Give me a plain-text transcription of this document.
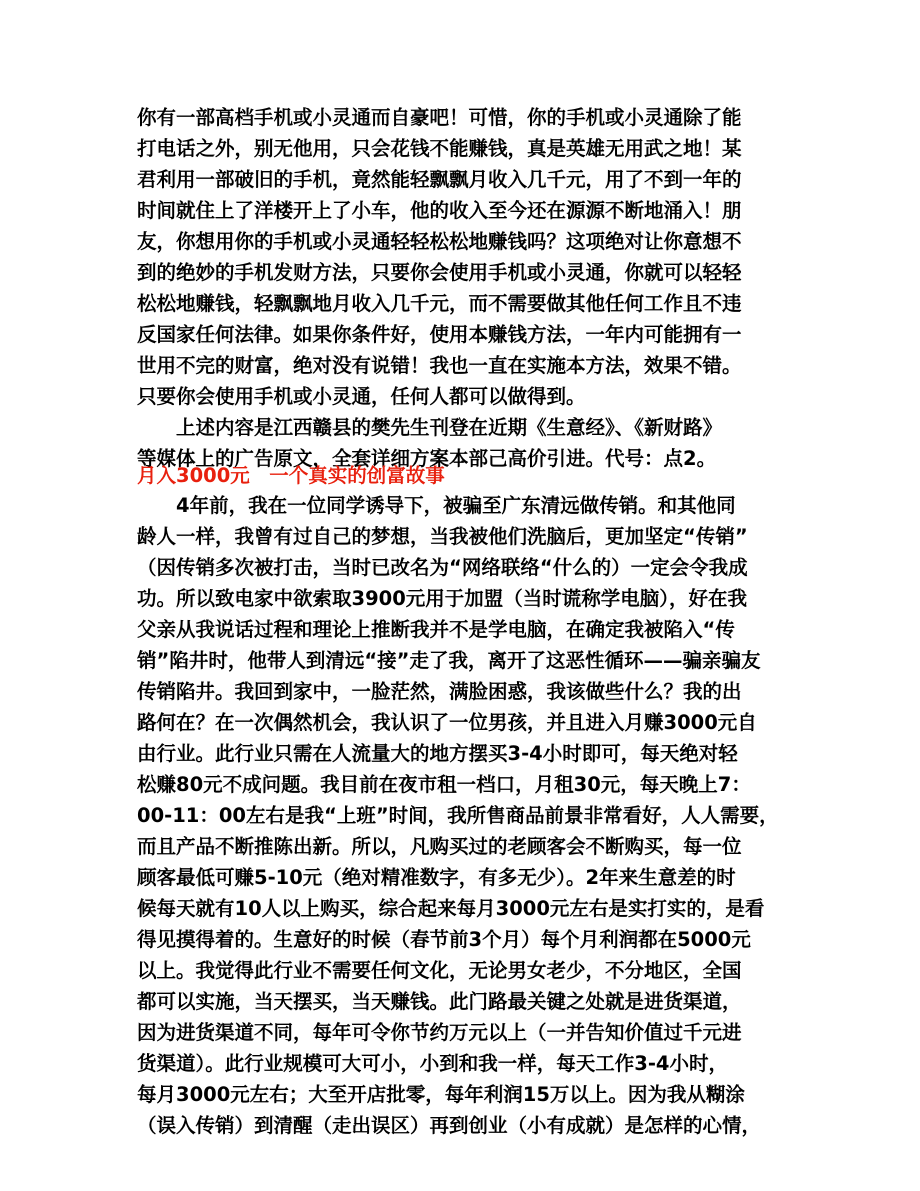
你有一部高档手机或小灵通而自豪吧！可惜，你的手机或小灵通除了能
打电话之外，别无他用，只会花钱不能赚钱，真是英雄无用武之地！某
君利用一部破旧的手机，竟然能轻飘飘月收入几千元，用了不到一年的
时间就住上了洋楼开上了小车，他的收入至今还在源源不断地涌入！朋
友，你想用你的手机或小灵通轻轻松松地赚钱吗？这项绝对让你意想不
到的绝妙的手机发财方法，只要你会使用手机或小灵通，你就可以轻轻
松松地赚钱，轻飘飘地月收入几千元，而不需要做其他任何工作且不违
反国家任何法律。如果你条件好，使用本赚钱方法，一年内可能拥有一
世用不完的财富，绝对没有说错！我也一直在实施本方法，效果不错。
只要你会使用手机或小灵通，任何人都可以做得到。
上述内容是江西赣县的樊先生刊登在近期《生意经》、《新财路》
等媒体上的广告原文，全套详细方案本部己高价引进。代号：点2。
月入3000元　一个真实的创富故事
4年前，我在一位同学诱导下，被骗至广东清远做传销。和其他同
龄人一样，我曾有过自己的梦想，当我被他们洗脑后，更加坚定“传销”
（因传销多次被打击，当时已改名为“网络联络“什么的）一定会令我成
功。所以致电家中欲索取3900元用于加盟（当时谎称学电脑），好在我
父亲从我说话过程和理论上推断我并不是学电脑，在确定我被陷入“传
销”陷井时，他带人到清远“接”走了我，离开了这恶性循环——骗亲骗友
传销陷井。我回到家中，一脸茫然，满脸困惑，我该做些什么？我的出
路何在？在一次偶然机会，我认识了一位男孩，并且进入月赚3000元自
由行业。此行业只需在人流量大的地方摆买3-4小时即可，每天绝对轻
松赚80元不成问题。我目前在夜市租一档口，月租30元，每天晚上7：
00-11：00左右是我“上班”时间，我所售商品前景非常看好，人人需要，
而且产品不断推陈出新。所以，凡购买过的老顾客会不断购买，每一位
顾客最低可赚5-10元（绝对精准数字，有多无少）。2年来生意差的时
候每天就有10人以上购买，综合起来每月3000元左右是实打实的，是看
得见摸得着的。生意好的时候（春节前3个月）每个月利润都在5000元
以上。我觉得此行业不需要任何文化，无论男女老少，不分地区，全国
都可以实施，当天摆买，当天赚钱。此门路最关键之处就是进货渠道，
因为进货渠道不同，每年可令你节约万元以上（一并告知价值过千元进
货渠道）。此行业规模可大可小，小到和我一样，每天工作3-4小时，
每月3000元左右；大至开店批零，每年利润15万以上。因为我从糊涂
（误入传销）到清醒（走出误区）再到创业（小有成就）是怎样的心情，
